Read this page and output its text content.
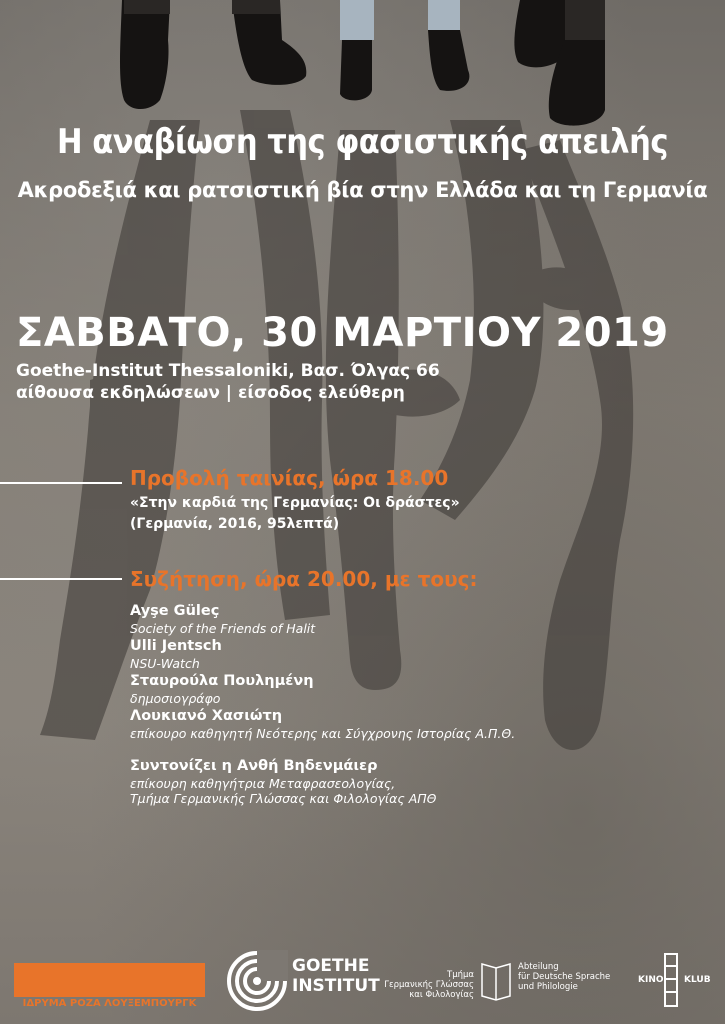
Η αναβίωση της φασιστικής απειλής
Ακροδεξιά και ρατσιστική βία στην Ελλάδα και τη Γερμανία
ΣΑΒΒΑΤΟ, 30 ΜΑΡΤΙΟΥ 2019
Goethe-Institut Thessaloniki, Βασ. Όλγας 66
αίθουσα εκδηλώσεων | είσοδος ελεύθερη
Προβολή ταινίας, ώρα 18.00
«Στην καρδιά της Γερμανίας: Οι δράστες»
(Γερμανία, 2016, 95λεπτά)
Συζήτηση, ώρα 20.00, με τους:
Ayşe Güleç
Society of the Friends of Halit
Ulli Jentsch
NSU-Watch
Σταυρούλα Πουλημένη
δημοσιογράφο
Λουκιανό Χασιώτη
επίκουρο καθηγητή Νεότερης και Σύγχρονης Ιστορίας Α.Π.Θ.
Συντονίζει η Ανθή Βηδενμάιερ
επίκουρη καθηγήτρια Μεταφρασεολογίας,
Τμήμα Γερμανικής Γλώσσας και Φιλολογίας ΑΠΘ
ΙΔΡΥΜΑ ΡΟΖΑ ΛΟΥΞΕΜΠΟΥΡΓΚ
GOETHE
INSTITUT
Τμήμα
Γερμανικής Γλώσσας
και Φιλολογίας
Abteilung
für Deutsche Sprache
und Philologie
KINO KLUB
